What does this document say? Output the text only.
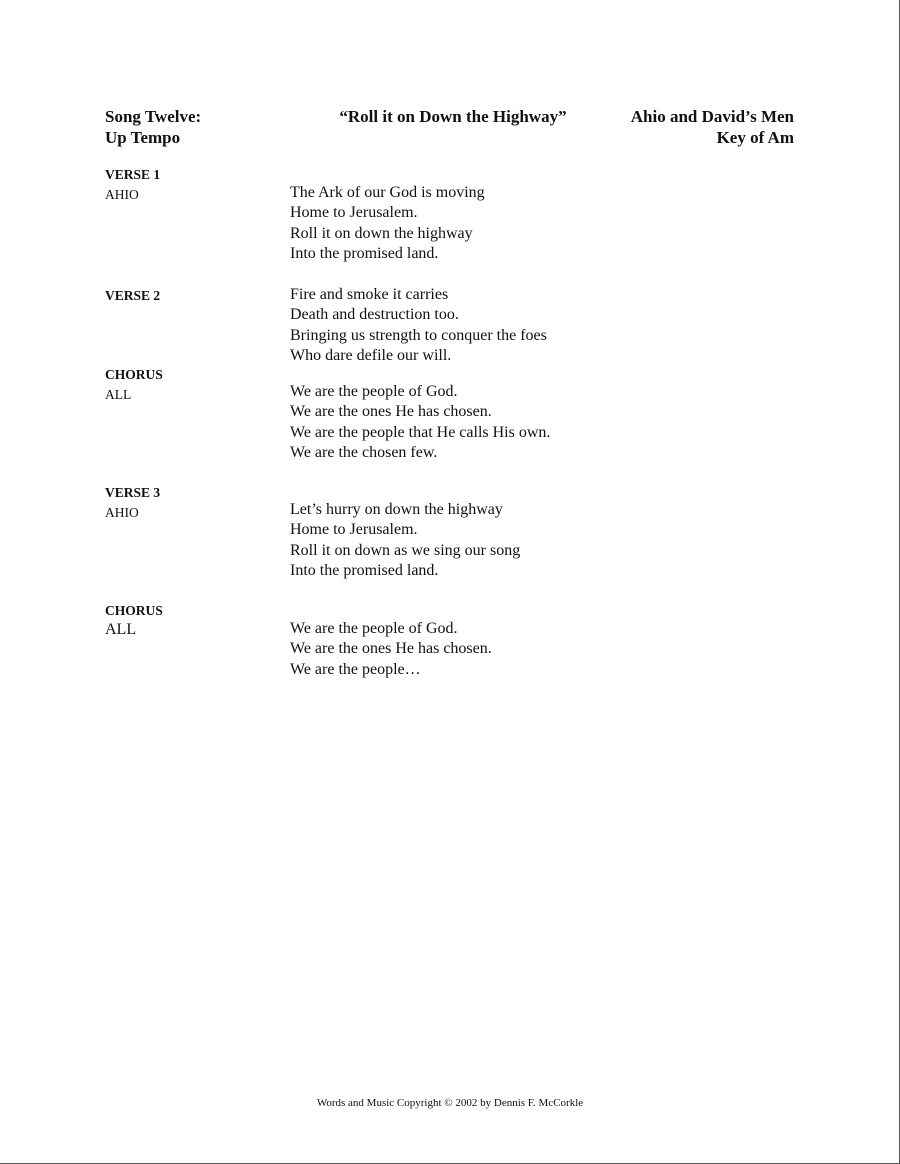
Song Twelve:
Up Tempo
“Roll it on Down the Highway”	Ahio and David’s Men
Key of Am
VERSE 1
AHIO	The Ark of our God is moving
Home to Jerusalem.
Roll it on down the highway
Into the promised land.
VERSE 2	Fire and smoke it carries
Death and destruction too.
Bringing us strength to conquer the foes
Who dare defile our will.
CHORUS
ALL	We are the people of God.
We are the ones He has chosen.
We are the people that He calls His own.
We are the chosen few.
VERSE 3
AHIO	Let’s hurry on down the highway
Home to Jerusalem.
Roll it on down as we sing our song
Into the promised land.
CHORUS
ALL	We are the people of God.
We are the ones He has chosen.
We are the people…
Words and Music Copyright © 2002 by Dennis F. McCorkle
